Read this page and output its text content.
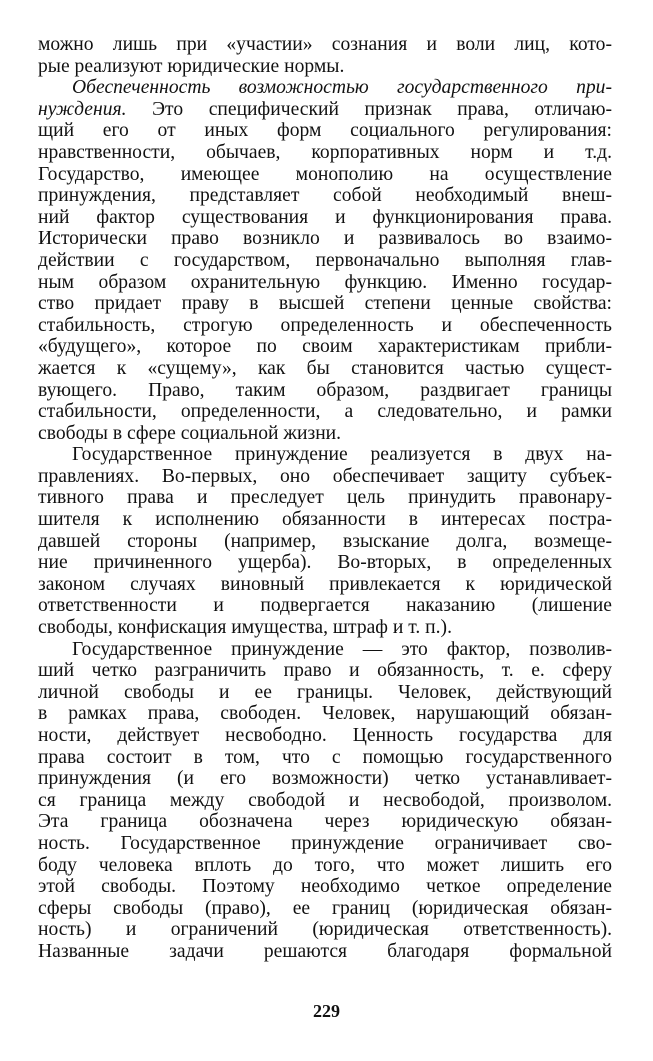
можно лишь при «участии» сознания и воли лиц, кото-
рые реализуют юридические нормы.
Обеспеченность возможностью государственного при-
нуждения. Это специфический признак права, отличаю-
щий его от иных форм социального регулирования:
нравственности, обычаев, корпоративных норм и т.д.
Государство, имеющее монополию на осуществление
принуждения, представляет собой необходимый внеш-
ний фактор существования и функционирования права.
Исторически право возникло и развивалось во взаимо-
действии с государством, первоначально выполняя глав-
ным образом охранительную функцию. Именно государ-
ство придает праву в высшей степени ценные свойства:
стабильность, строгую определенность и обеспеченность
«будущего», которое по своим характеристикам прибли-
жается к «сущему», как бы становится частью сущест-
вующего. Право, таким образом, раздвигает границы
стабильности, определенности, а следовательно, и рамки
свободы в сфере социальной жизни.
Государственное принуждение реализуется в двух на-
правлениях. Во-первых, оно обеспечивает защиту субъек-
тивного права и преследует цель принудить правонару-
шителя к исполнению обязанности в интересах постра-
давшей стороны (например, взыскание долга, возмеще-
ние причиненного ущерба). Во-вторых, в определенных
законом случаях виновный привлекается к юридической
ответственности и подвергается наказанию (лишение
свободы, конфискация имущества, штраф и т. п.).
Государственное принуждение — это фактор, позволив-
ший четко разграничить право и обязанность, т. е. сферу
личной свободы и ее границы. Человек, действующий
в рамках права, свободен. Человек, нарушающий обязан-
ности, действует несвободно. Ценность государства для
права состоит в том, что с помощью государственного
принуждения (и его возможности) четко устанавливает-
ся граница между свободой и несвободой, произволом.
Эта граница обозначена через юридическую обязан-
ность. Государственное принуждение ограничивает сво-
боду человека вплоть до того, что может лишить его
этой свободы. Поэтому необходимо четкое определение
сферы свободы (право), ее границ (юридическая обязан-
ность) и ограничений (юридическая ответственность).
Названные задачи решаются благодаря формальной
229
